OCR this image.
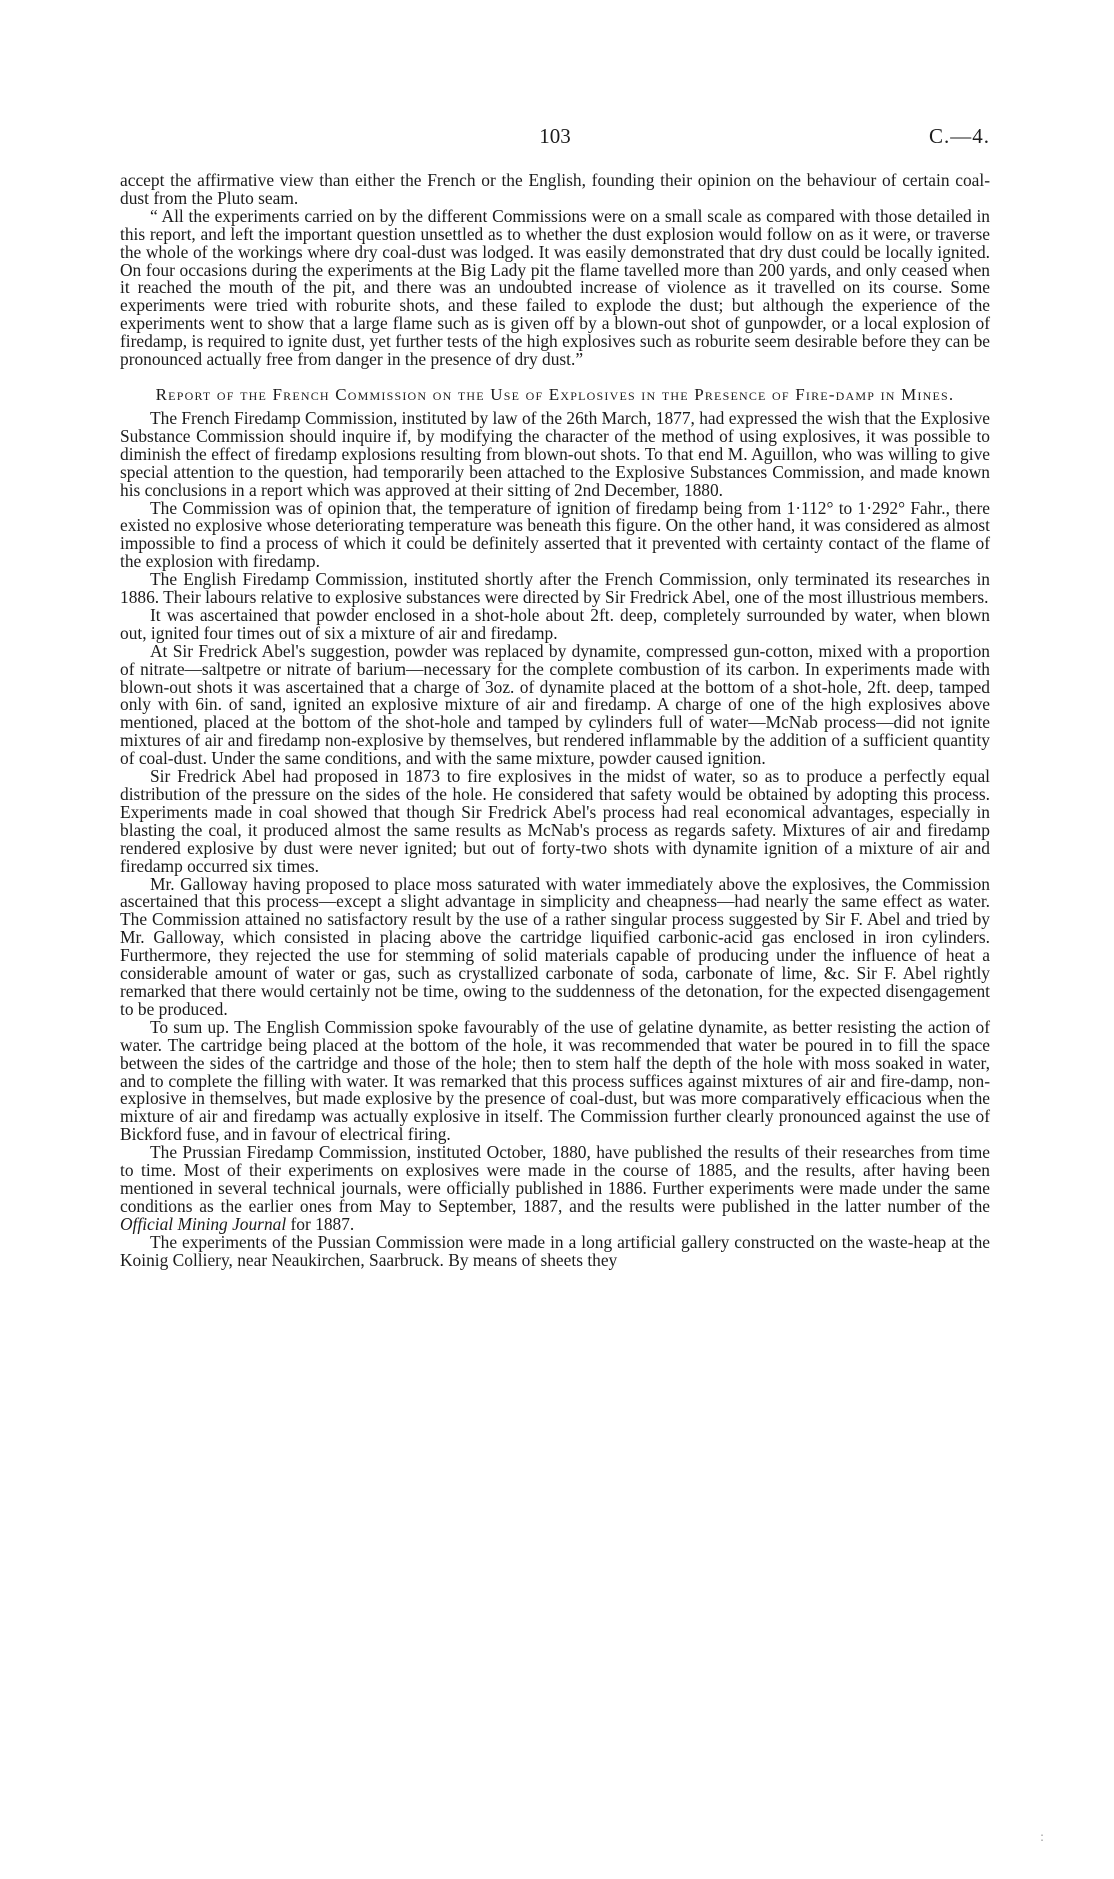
103	C.—4.

accept the affirmative view than either the French or the English, founding their opinion on the behaviour of certain coal-dust from the Pluto seam.

“ All the experiments carried on by the different Commissions were on a small scale as compared with those detailed in this report, and left the important question unsettled as to whether the dust explosion would follow on as it were, or traverse the whole of the workings where dry coal-dust was lodged. It was easily demonstrated that dry dust could be locally ignited. On four occasions during the experiments at the Big Lady pit the flame tavelled more than 200 yards, and only ceased when it reached the mouth of the pit, and there was an undoubted increase of violence as it travelled on its course. Some experiments were tried with roburite shots, and these failed to explode the dust; but although the experience of the experiments went to show that a large flame such as is given off by a blown-out shot of gunpowder, or a local explosion of firedamp, is required to ignite dust, yet further tests of the high explosives such as roburite seem desirable before they can be pronounced actually free from danger in the presence of dry dust.”

Report of the French Commission on the Use of Explosives in the Presence of Fire-damp in Mines.

The French Firedamp Commission, instituted by law of the 26th March, 1877, had expressed the wish that the Explosive Substance Commission should inquire if, by modifying the character of the method of using explosives, it was possible to diminish the effect of firedamp explosions resulting from blown-out shots. To that end M. Aguillon, who was willing to give special attention to the question, had temporarily been attached to the Explosive Substances Commission, and made known his conclusions in a report which was approved at their sitting of 2nd December, 1880.

The Commission was of opinion that, the temperature of ignition of firedamp being from 1·112° to 1·292° Fahr., there existed no explosive whose deteriorating temperature was beneath this figure. On the other hand, it was considered as almost impossible to find a process of which it could be definitely asserted that it prevented with certainty contact of the flame of the explosion with firedamp.

The English Firedamp Commission, instituted shortly after the French Commission, only terminated its researches in 1886. Their labours relative to explosive substances were directed by Sir Fredrick Abel, one of the most illustrious members.

It was ascertained that powder enclosed in a shot-hole about 2ft. deep, completely surrounded by water, when blown out, ignited four times out of six a mixture of air and firedamp.

At Sir Fredrick Abel's suggestion, powder was replaced by dynamite, compressed gun-cotton, mixed with a proportion of nitrate—saltpetre or nitrate of barium—necessary for the complete combustion of its carbon. In experiments made with blown-out shots it was ascertained that a charge of 3oz. of dynamite placed at the bottom of a shot-hole, 2ft. deep, tamped only with 6in. of sand, ignited an explosive mixture of air and firedamp. A charge of one of the high explosives above mentioned, placed at the bottom of the shot-hole and tamped by cylinders full of water—McNab process—did not ignite mixtures of air and firedamp non-explosive by themselves, but rendered inflammable by the addition of a sufficient quantity of coal-dust. Under the same conditions, and with the same mixture, powder caused ignition.

Sir Fredrick Abel had proposed in 1873 to fire explosives in the midst of water, so as to produce a perfectly equal distribution of the pressure on the sides of the hole. He considered that safety would be obtained by adopting this process. Experiments made in coal showed that though Sir Fredrick Abel's process had real economical advantages, especially in blasting the coal, it produced almost the same results as McNab's process as regards safety. Mixtures of air and firedamp rendered explosive by dust were never ignited; but out of forty-two shots with dynamite ignition of a mixture of air and firedamp occurred six times.

Mr. Galloway having proposed to place moss saturated with water immediately above the explosives, the Commission ascertained that this process—except a slight advantage in simplicity and cheapness—had nearly the same effect as water. The Commission attained no satisfactory result by the use of a rather singular process suggested by Sir F. Abel and tried by Mr. Galloway, which consisted in placing above the cartridge liquified carbonic-acid gas enclosed in iron cylinders. Furthermore, they rejected the use for stemming of solid materials capable of producing under the influence of heat a considerable amount of water or gas, such as crystallized carbonate of soda, carbonate of lime, &c. Sir F. Abel rightly remarked that there would certainly not be time, owing to the suddenness of the detonation, for the expected disengagement to be produced.

To sum up. The English Commission spoke favourably of the use of gelatine dynamite, as better resisting the action of water. The cartridge being placed at the bottom of the hole, it was recommended that water be poured in to fill the space between the sides of the cartridge and those of the hole; then to stem half the depth of the hole with moss soaked in water, and to complete the filling with water. It was remarked that this process suffices against mixtures of air and fire-damp, non-explosive in themselves, but made explosive by the presence of coal-dust, but was more comparatively efficacious when the mixture of air and firedamp was actually explosive in itself. The Commission further clearly pronounced against the use of Bickford fuse, and in favour of electrical firing.

The Prussian Firedamp Commission, instituted October, 1880, have published the results of their researches from time to time. Most of their experiments on explosives were made in the course of 1885, and the results, after having been mentioned in several technical journals, were officially published in 1886. Further experiments were made under the same conditions as the earlier ones from May to September, 1887, and the results were published in the latter number of the Official Mining Journal for 1887.

The experiments of the Pussian Commission were made in a long artificial gallery constructed on the waste-heap at the Koinig Colliery, near Neaukirchen, Saarbruck. By means of sheets they

:
